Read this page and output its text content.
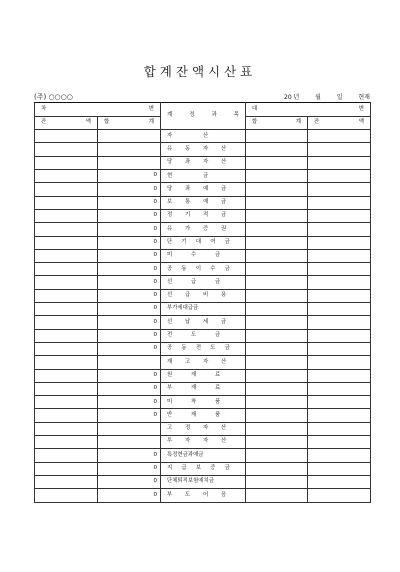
합계잔액시산표
(주) ○○○○	20 년	월	일	현재
차 변		계 정 과 목	대 변	

잔 액	합 계		합 계	잔 액

자 산		

유 동 자 산		

당 좌 자 산		

	0	현 금		

	0	당 좌 예 금		

	0	보 통 예 금		

	0	정 기 적 금		

	0	유 가 증 권		

	0	단 기 대 여 금		

	0	미 수 금		

	0	공 동 이 수 금		

	0	선 급 금		

	0	선 급 비 용		

	0	부가세대급금		

	0	선 납 세 금		

	0	전 도 금		

	0	공 동 전 도 금		

재 고 자 산		

	0	원 재 료		

	0	부 재 료		

	0	미 착 품		

	0	반 제 품		

고 정 자 산		

투 자 자 산		

	0	특정현금과예금		

	0	지 급 보 증 금		

	0	단체퇴직보험예치금		

	0	부 도 어 음		
